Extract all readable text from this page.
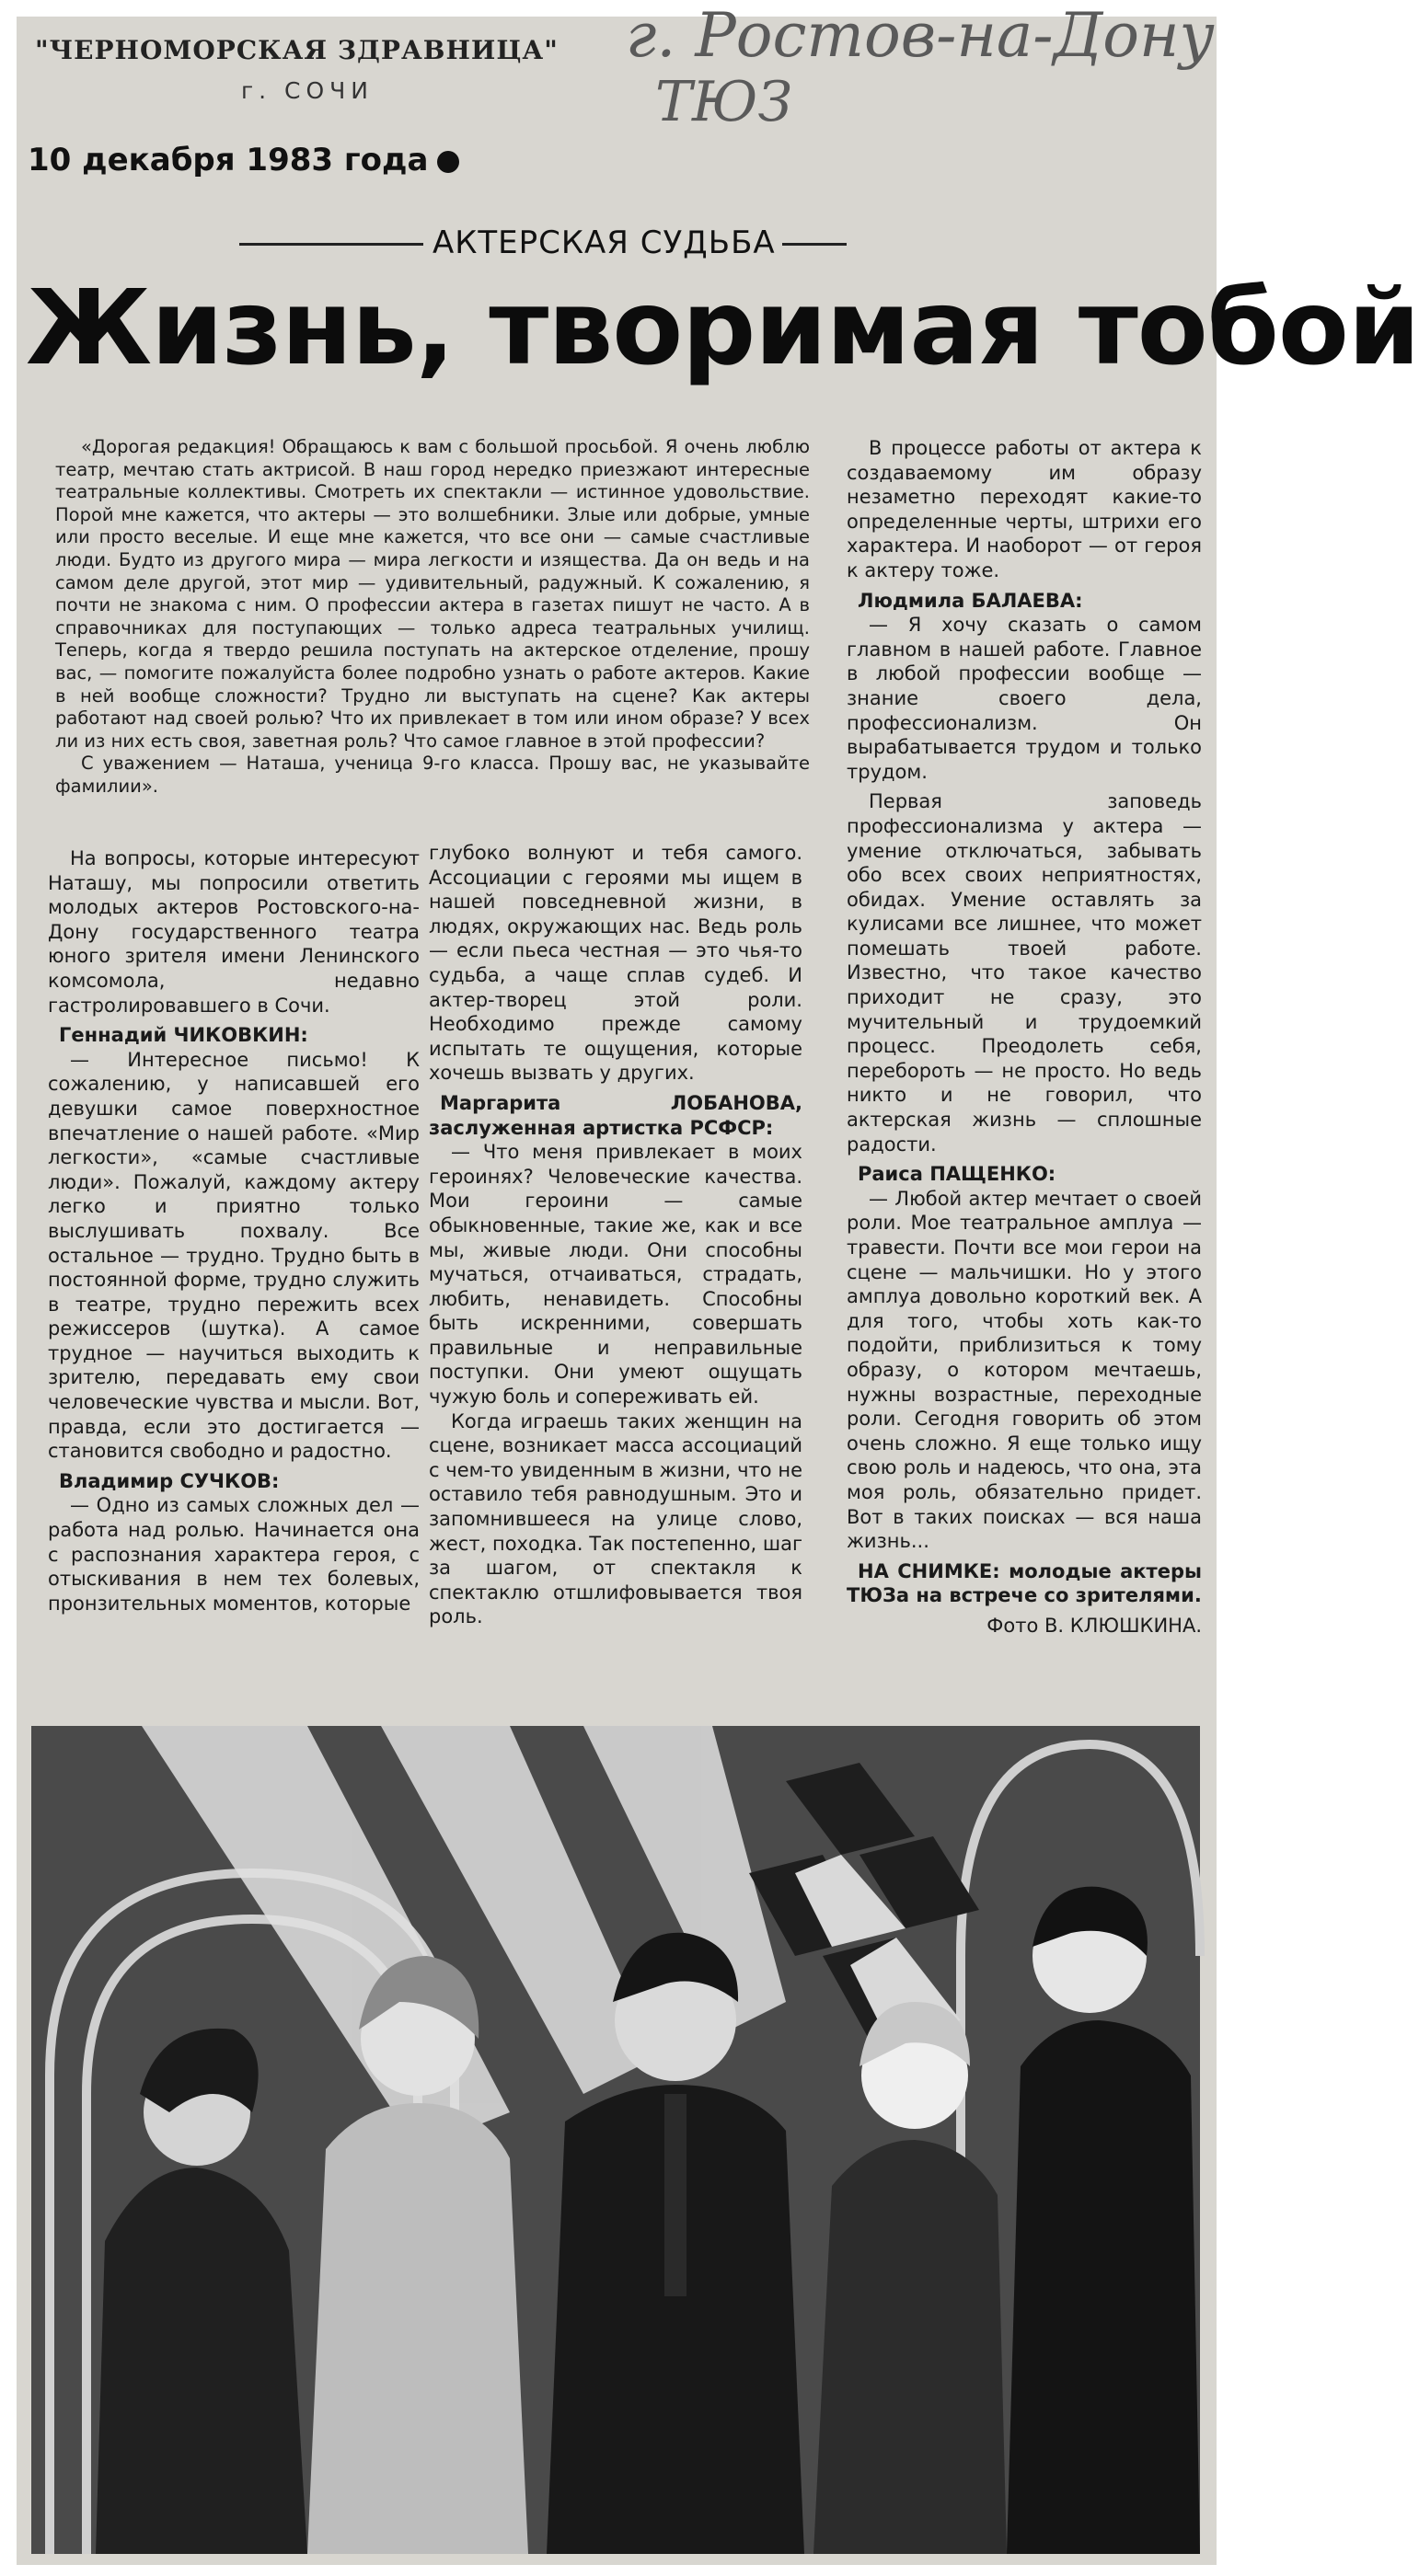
"ЧЕРНОМОРСКАЯ ЗДРАВНИЦА"
г. СОЧИ
10 декабря 1983 года
г. Ростов-на-Дону
ТЮЗ
АКТЕРСКАЯ СУДЬБА
Жизнь, творимая тобой

«Дорогая редакция! Обращаюсь к вам с большой просьбой. Я очень люблю театр, мечтаю стать актрисой. В наш город нередко приезжают интересные театральные коллективы. Смотреть их спектакли — истинное удовольствие. Порой мне кажется, что актеры — это волшебники. Злые или добрые, умные или просто веселые. И еще мне кажется, что все они — самые счастливые люди. Будто из другого мира — мира легкости и изящества. Да он ведь и на самом деле другой, этот мир — удивительный, радужный. К сожалению, я почти не знакома с ним. О профессии актера в газетах пишут не часто. А в справочниках для поступающих — только адреса театральных училищ. Теперь, когда я твердо решила поступать на актерское отделение, прошу вас, — помогите пожалуйста более подробно узнать о работе актеров. Какие в ней вообще сложности? Трудно ли выступать на сцене? Как актеры работают над своей ролью? Что их привлекает в том или ином образе? У всех ли из них есть своя, заветная роль? Что самое главное в этой профессии?

С уважением — Наташа, ученица 9-го класса. Прошу вас, не указывайте фамилии».

На вопросы, которые интересуют Наташу, мы попросили ответить молодых актеров Ростовского-на-Дону государственного театра юного зрителя имени Ленинского комсомола, недавно гастролировавшего в Сочи.

Геннадий ЧИКОВКИН:

— Интересное письмо! К сожалению, у написавшей его девушки самое поверхностное впечатление о нашей работе. «Мир легкости», «самые счастливые люди». Пожалуй, каждому актеру легко и приятно только выслушивать похвалу. Все остальное — трудно. Трудно быть в постоянной форме, трудно служить в театре, трудно пережить всех режиссеров (шутка). А самое трудное — научиться выходить к зрителю, передавать ему свои человеческие чувства и мысли. Вот, правда, если это достигается — становится свободно и радостно.

Владимир СУЧКОВ:

— Одно из самых сложных дел — работа над ролью. Начинается она с распознания характера героя, с отыскивания в нем тех болевых, пронзительных моментов, которые

глубоко волнуют и тебя самого. Ассоциации с героями мы ищем в нашей повседневной жизни, в людях, окружающих нас. Ведь роль — если пьеса честная — это чья-то судьба, а чаще сплав судеб. И актер-творец этой роли. Необходимо прежде самому испытать те ощущения, которые хочешь вызвать у других.

Маргарита ЛОБАНОВА, заслуженная артистка РСФСР:

— Что меня привлекает в моих героинях? Человеческие качества. Мои героини — самые обыкновенные, такие же, как и все мы, живые люди. Они способны мучаться, отчаиваться, страдать, любить, ненавидеть. Способны быть искренними, совершать правильные и неправильные поступки. Они умеют ощущать чужую боль и сопереживать ей.

Когда играешь таких женщин на сцене, возникает масса ассоциаций с чем-то увиденным в жизни, что не оставило тебя равнодушным. Это и запомнившееся на улице слово, жест, походка. Так постепенно, шаг за шагом, от спектакля к спектаклю отшлифовывается твоя роль.

В процессе работы от актера к создаваемому им образу незаметно переходят какие-то определенные черты, штрихи его характера. И наоборот — от героя к актеру тоже.

Людмила БАЛАЕВА:

— Я хочу сказать о самом главном в нашей работе. Главное в любой профессии вообще — знание своего дела, профессионализм. Он вырабатывается трудом и только трудом.

Первая заповедь профессионализма у актера — умение отключаться, забывать обо всех своих неприятностях, обидах. Умение оставлять за кулисами все лишнее, что может помешать твоей работе. Известно, что такое качество приходит не сразу, это мучительный и трудоемкий процесс. Преодолеть себя, перебороть — не просто. Но ведь никто и не говорил, что актерская жизнь — сплошные радости.

Раиса ПАЩЕНКО:

— Любой актер мечтает о своей роли. Мое театральное амплуа — травести. Почти все мои герои на сцене — мальчишки. Но у этого амплуа довольно короткий век. А для того, чтобы хоть как-то подойти, приблизиться к тому образу, о котором мечтаешь, нужны возрастные, переходные роли. Сегодня говорить об этом очень сложно. Я еще только ищу свою роль и надеюсь, что она, эта моя роль, обязательно придет. Вот в таких поисках — вся наша жизнь...

НА СНИМКЕ: молодые актеры ТЮЗа на встрече со зрителями.

Фото В. КЛЮШКИНА.
